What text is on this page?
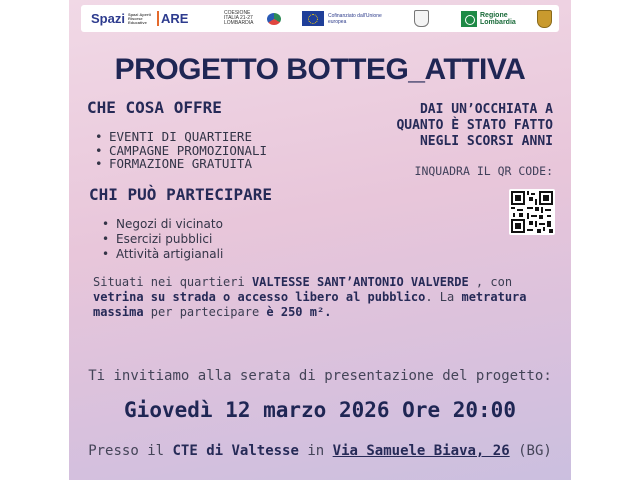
Spazi Spazi Aperti Risorse Educative	ARE	COESIONE ITALIA 21-27 LOMBARDIA
Cofinanziato dall'Unione europea
Regione Lombardia
PROGETTO BOTTEG_ATTIVA
CHE COSA OFFRE
• EVENTI DI QUARTIERE
• CAMPAGNE PROMOZIONALI
• FORMAZIONE GRATUITA
CHI PUÒ PARTECIPARE
• Negozi di vicinato
• Esercizi pubblici
• Attività artigianali
DAI UN’OCCHIATA A
QUANTO È STATO FATTO
NEGLI SCORSI ANNI
INQUADRA IL QR CODE:
Situati nei quartieri VALTESSE SANT’ANTONIO VALVERDE , con vetrina su strada o accesso libero al pubblico. La metratura massima per partecipare è 250 m².
Ti invitiamo alla serata di presentazione del progetto:
Giovedì 12 marzo 2026 Ore 20:00
Presso il CTE di Valtesse in Via Samuele Biava, 26 (BG)
